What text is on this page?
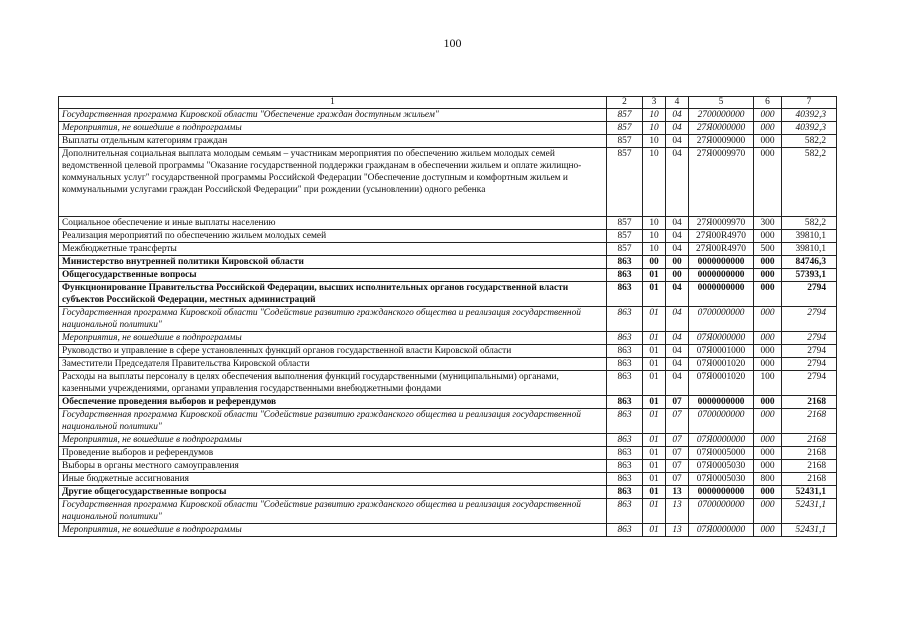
100
1	2	3	4	5	6	7
Государственная программа Кировской области "Обеспечение граждан доступным жильем"	857	10	04	2700000000	000	40392,3
Мероприятия, не вошедшие в подпрограммы	857	10	04	27Я0000000	000	40392,3
Выплаты отдельным категориям граждан	857	10	04	27Я0009000	000	582,2
Дополнительная социальная выплата молодым семьям – участникам мероприятия по обеспечению жильем молодых семей ведомственной целевой программы "Оказание государственной поддержки гражданам в обеспечении жильем и оплате жилищно-коммунальных услуг" государственной программы Российской Федерации "Обеспечение доступным и комфортным жильем и коммунальными услугами граждан Российской Федерации" при рождении (усыновлении) одного ребенка	857	10	04	27Я0009970	000	582,2

Социальное обеспечение и иные выплаты населению	857	10	04	27Я0009970	300	582,2
Реализация мероприятий по обеспечению жильем молодых семей	857	10	04	27Я00R4970	000	39810,1
Межбюджетные трансферты	857	10	04	27Я00R4970	500	39810,1
Министерство внутренней политики Кировской области	863	00	00	0000000000	000	84746,3
Общегосударственные вопросы	863	01	00	0000000000	000	57393,1
Функционирование Правительства Российской Федерации, высших исполнительных органов государственной власти субъектов Российской Федерации, местных администраций	863	01	04	0000000000	000	2794
Государственная программа Кировской области "Содействие развитию гражданского общества и реализация государственной национальной политики"	863	01	04	0700000000	000	2794
Мероприятия, не вошедшие в подпрограммы	863	01	04	07Я0000000	000	2794
Руководство и управление в сфере установленных функций органов государственной власти Кировской области	863	01	04	07Я0001000	000	2794
Заместители Председателя Правительства Кировской области	863	01	04	07Я0001020	000	2794
Расходы на выплаты персоналу в целях обеспечения выполнения функций государственными (муниципальными) органами, казенными учреждениями, органами управления государственными внебюджетными фондами	863	01	04	07Я0001020	100	2794
Обеспечение проведения выборов и референдумов	863	01	07	0000000000	000	2168
Государственная программа Кировской области "Содействие развитию гражданского общества и реализация государственной национальной политики"	863	01	07	0700000000	000	2168
Мероприятия, не вошедшие в подпрограммы	863	01	07	07Я0000000	000	2168
Проведение выборов и референдумов	863	01	07	07Я0005000	000	2168
Выборы в органы местного самоуправления	863	01	07	07Я0005030	000	2168
Иные бюджетные ассигнования	863	01	07	07Я0005030	800	2168
Другие общегосударственные вопросы	863	01	13	0000000000	000	52431,1
Государственная программа Кировской области "Содействие развитию гражданского общества и реализация государственной национальной политики"	863	01	13	0700000000	000	52431,1
Мероприятия, не вошедшие в подпрограммы	863	01	13	07Я0000000	000	52431,1
